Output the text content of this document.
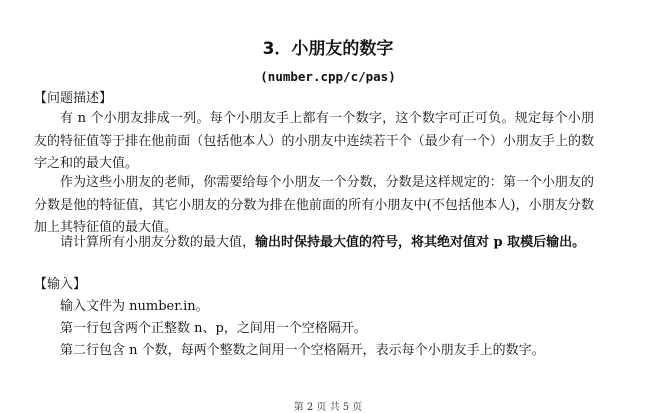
3．小朋友的数字
(number.cpp/c/pas)
【问题描述】
有 n 个小朋友排成一列。每个小朋友手上都有一个数字，这个数字可正可负。规定每个小朋友的特征值等于排在他前面（包括他本人）的小朋友中连续若干个（最少有一个）小朋友手上的数字之和的最大值。
作为这些小朋友的老师，你需要给每个小朋友一个分数，分数是这样规定的：第一个小朋友的分数是他的特征值，其它小朋友的分数为排在他前面的所有小朋友中(不包括他本人)，小朋友分数加上其特征值的最大值。
请计算所有小朋友分数的最大值，输出时保持最大值的符号，将其绝对值对 p 取模后输出。
【输入】
输入文件为 number.in。
第一行包含两个正整数 n、p，之间用一个空格隔开。
第二行包含 n 个数，每两个整数之间用一个空格隔开，表示每个小朋友手上的数字。
第 2 页 共 5 页
